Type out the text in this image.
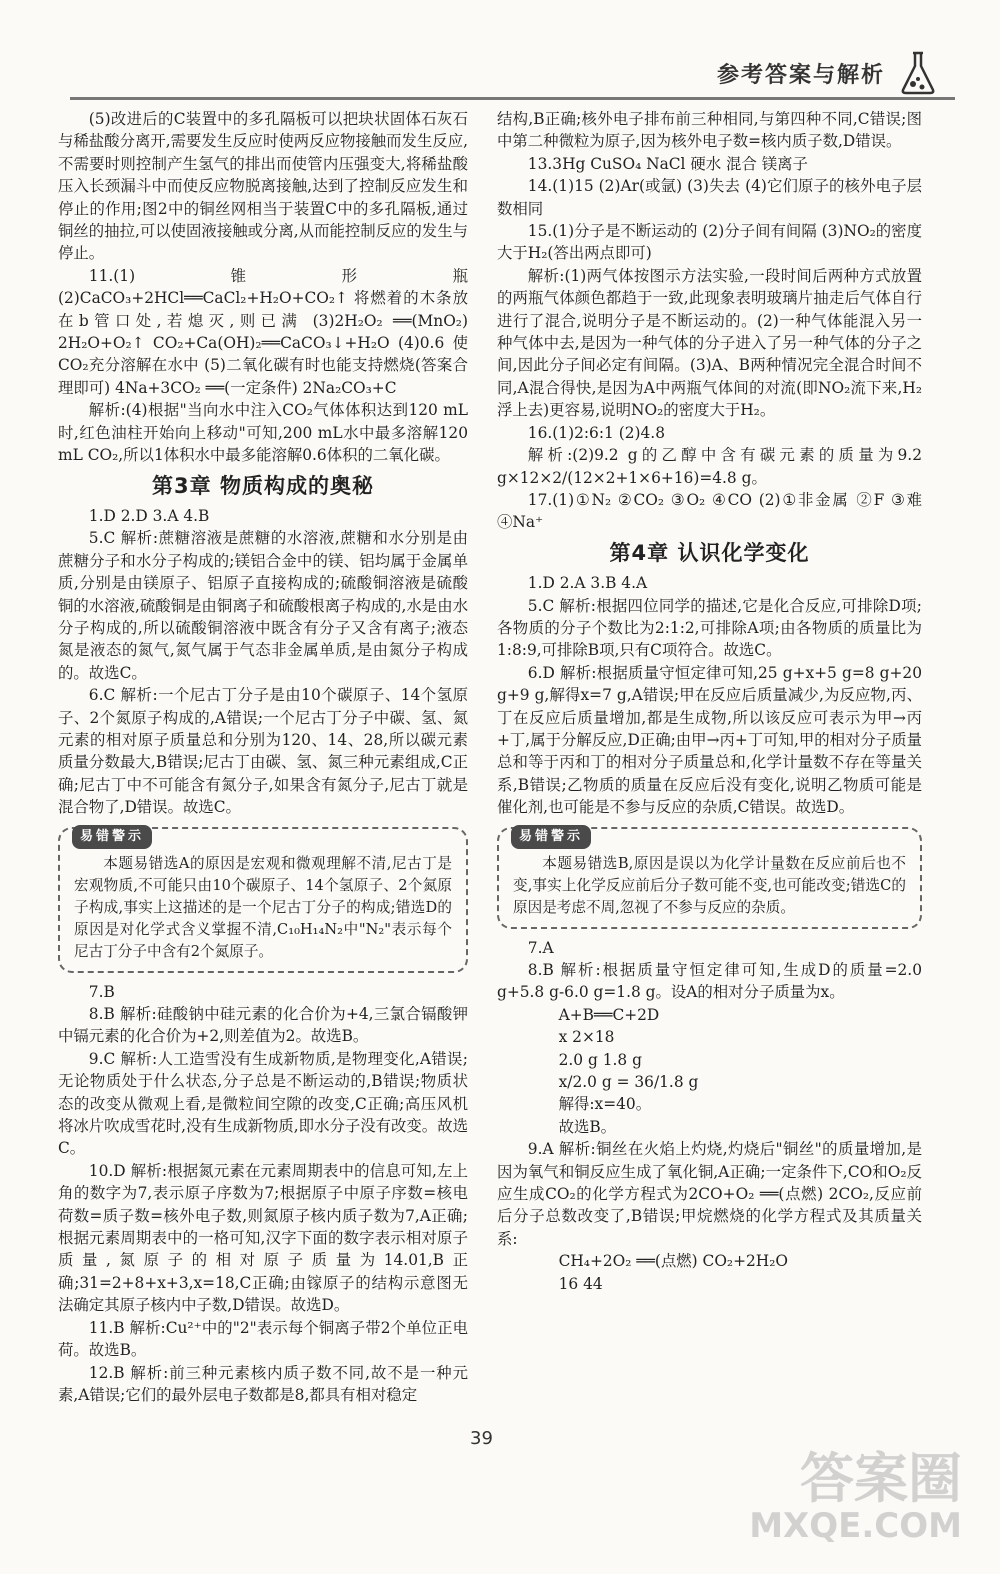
参考答案与解析

(5)改进后的C装置中的多孔隔板可以把块状固体石灰石与稀盐酸分离开,需要发生反应时使两反应物接触而发生反应,不需要时则控制产生氢气的排出而使管内压强变大,将稀盐酸压入长颈漏斗中而使反应物脱离接触,达到了控制反应发生和停止的作用;图2中的铜丝网相当于装置C中的多孔隔板,通过铜丝的抽拉,可以使固液接触或分离,从而能控制反应的发生与停止。

11.(1)锥形瓶 (2)CaCO₃+2HCl══CaCl₂+H₂O+CO₂↑ 将燃着的木条放在b管口处,若熄灭,则已满 (3)2H₂O₂ ══(MnO₂) 2H₂O+O₂↑ CO₂+Ca(OH)₂══CaCO₃↓+H₂O (4)0.6 使CO₂充分溶解在水中 (5)二氧化碳有时也能支持燃烧(答案合理即可) 4Na+3CO₂ ══(一定条件) 2Na₂CO₃+C

解析:(4)根据"当向水中注入CO₂气体体积达到120 mL时,红色油柱开始向上移动"可知,200 mL水中最多溶解120 mL CO₂,所以1体积水中最多能溶解0.6体积的二氧化碳。

第3章 物质构成的奥秘

1.D 2.D 3.A 4.B

5.C 解析:蔗糖溶液是蔗糖的水溶液,蔗糖和水分别是由蔗糖分子和水分子构成的;镁铝合金中的镁、铝均属于金属单质,分别是由镁原子、铝原子直接构成的;硫酸铜溶液是硫酸铜的水溶液,硫酸铜是由铜离子和硫酸根离子构成的,水是由水分子构成的,所以硫酸铜溶液中既含有分子又含有离子;液态氮是液态的氮气,氮气属于气态非金属单质,是由氮分子构成的。故选C。

6.C 解析:一个尼古丁分子是由10个碳原子、14个氢原子、2个氮原子构成的,A错误;一个尼古丁分子中碳、氢、氮元素的相对原子质量总和分别为120、14、28,所以碳元素质量分数最大,B错误;尼古丁由碳、氢、氮三种元素组成,C正确;尼古丁中不可能含有氮分子,如果含有氮分子,尼古丁就是混合物了,D错误。故选C。

易错警示

本题易错选A的原因是宏观和微观理解不清,尼古丁是宏观物质,不可能只由10个碳原子、14个氢原子、2个氮原子构成,事实上这描述的是一个尼古丁分子的构成;错选D的原因是对化学式含义掌握不清,C₁₀H₁₄N₂中"N₂"表示每个尼古丁分子中含有2个氮原子。

7.B

8.B 解析:硅酸钠中硅元素的化合价为+4,三氯合镉酸钾中镉元素的化合价为+2,则差值为2。故选B。

9.C 解析:人工造雪没有生成新物质,是物理变化,A错误;无论物质处于什么状态,分子总是不断运动的,B错误;物质状态的改变从微观上看,是微粒间空隙的改变,C正确;高压风机将冰片吹成雪花时,没有生成新物质,即水分子没有改变。故选C。

10.D 解析:根据氮元素在元素周期表中的信息可知,左上角的数字为7,表示原子序数为7;根据原子中原子序数=核电荷数=质子数=核外电子数,则氮原子核内质子数为7,A正确;根据元素周期表中的一格可知,汉字下面的数字表示相对原子质量,氮原子的相对原子质量为14.01,B正确;31=2+8+x+3,x=18,C正确;由镓原子的结构示意图无法确定其原子核内中子数,D错误。故选D。

11.B 解析:Cu²⁺中的"2"表示每个铜离子带2个单位正电荷。故选B。

12.B 解析:前三种元素核内质子数不同,故不是一种元素,A错误;它们的最外层电子数都是8,都具有相对稳定

结构,B正确;核外电子排布前三种相同,与第四种不同,C错误;图中第二种微粒为原子,因为核外电子数=核内质子数,D错误。

13.3Hg CuSO₄ NaCl 硬水 混合 镁离子

14.(1)15 (2)Ar(或氩) (3)失去 (4)它们原子的核外电子层数相同

15.(1)分子是不断运动的 (2)分子间有间隔 (3)NO₂的密度大于H₂(答出两点即可)

解析:(1)两气体按图示方法实验,一段时间后两种方式放置的两瓶气体颜色都趋于一致,此现象表明玻璃片抽走后气体自行进行了混合,说明分子是不断运动的。(2)一种气体能混入另一种气体中去,是因为一种气体的分子进入了另一种气体的分子之间,因此分子间必定有间隔。(3)A、B两种情况完全混合时间不同,A混合得快,是因为A中两瓶气体间的对流(即NO₂流下来,H₂浮上去)更容易,说明NO₂的密度大于H₂。

16.(1)2:6:1 (2)4.8

解析:(2)9.2 g的乙醇中含有碳元素的质量为9.2 g×12×2/(12×2+1×6+16)=4.8 g。

17.(1)①N₂ ②CO₂ ③O₂ ④CO (2)①非金属 ②F ③难 ④Na⁺

第4章 认识化学变化

1.D 2.A 3.B 4.A

5.C 解析:根据四位同学的描述,它是化合反应,可排除D项;各物质的分子个数比为2:1:2,可排除A项;由各物质的质量比为1:8:9,可排除B项,只有C项符合。故选C。

6.D 解析:根据质量守恒定律可知,25 g+x+5 g=8 g+20 g+9 g,解得x=7 g,A错误;甲在反应后质量减少,为反应物,丙、丁在反应后质量增加,都是生成物,所以该反应可表示为甲→丙+丁,属于分解反应,D正确;由甲→丙+丁可知,甲的相对分子质量总和等于丙和丁的相对分子质量总和,化学计量数不存在等量关系,B错误;乙物质的质量在反应后没有变化,说明乙物质可能是催化剂,也可能是不参与反应的杂质,C错误。故选D。

易错警示

本题易错选B,原因是误以为化学计量数在反应前后也不变,事实上化学反应前后分子数可能不变,也可能改变;错选C的原因是考虑不周,忽视了不参与反应的杂质。

7.A

8.B 解析:根据质量守恒定律可知,生成D的质量=2.0 g+5.8 g-6.0 g=1.8 g。设A的相对分子质量为x。

A+B══C+2D

x 2×18

2.0 g 1.8 g

x/2.0 g = 36/1.8 g

解得:x=40。

故选B。

9.A 解析:铜丝在火焰上灼烧,灼烧后"铜丝"的质量增加,是因为氧气和铜反应生成了氧化铜,A正确;一定条件下,CO和O₂反应生成CO₂的化学方程式为2CO+O₂ ══(点燃) 2CO₂,反应前后分子总数改变了,B错误;甲烷燃烧的化学方程式及其质量关系:

CH₄+2O₂ ══(点燃) CO₂+2H₂O

16 44

39
答案圈
MXQE.COM
